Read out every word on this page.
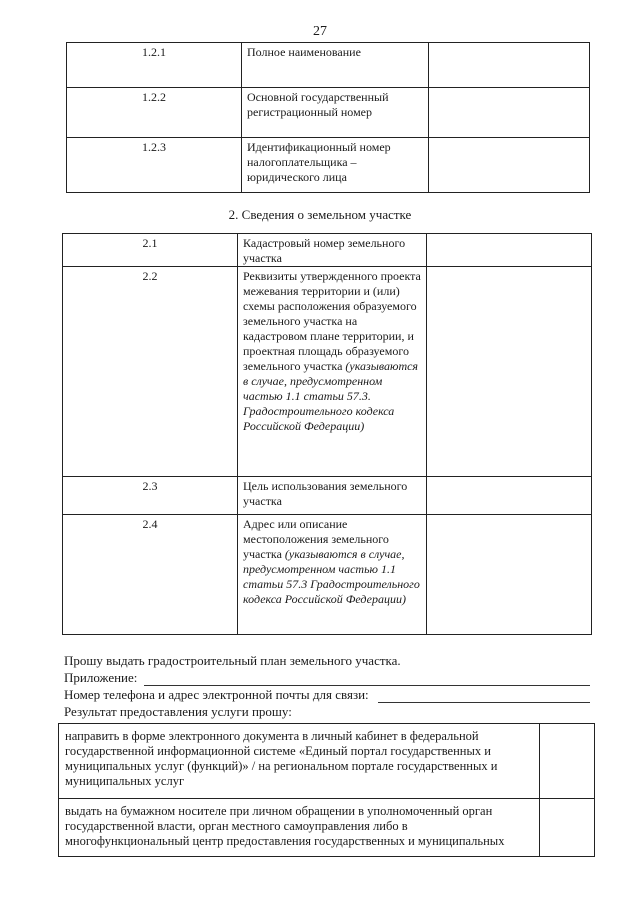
27
1.2.1	Полное наименование	
1.2.2	Основной государственный регистрационный номер	
1.2.3	Идентификационный номер налогоплательщика – юридического лица	
2. Сведения о земельном участке
2.1	Кадастровый номер земельного участка	
2.2	Реквизиты утвержденного проекта межевания территории и (или) схемы расположения образуемого земельного участка на кадастровом плане территории, и проектная площадь образуемого земельного участка (указываются в случае, предусмотренном частью 1.1 статьи 57.3. Градостроительного кодекса Российской Федерации)	
2.3	Цель использования земельного участка	
2.4	Адрес или описание местоположения земельного участка (указываются в случае, предусмотренном частью 1.1 статьи 57.3 Градостроительного кодекса Российской Федерации)	
Прошу выдать градостроительный план земельного участка.
Приложение:
Номер телефона и адрес электронной почты для связи:
Результат предоставления услуги прошу:
направить в форме электронного документа в личный кабинет в федеральной государственной информационной системе «Единый портал государственных и муниципальных услуг (функций)» / на региональном портале государственных и муниципальных услуг	
выдать на бумажном носителе при личном обращении в уполномоченный орган государственной власти, орган местного самоуправления либо в многофункциональный центр предоставления государственных и муниципальных	
